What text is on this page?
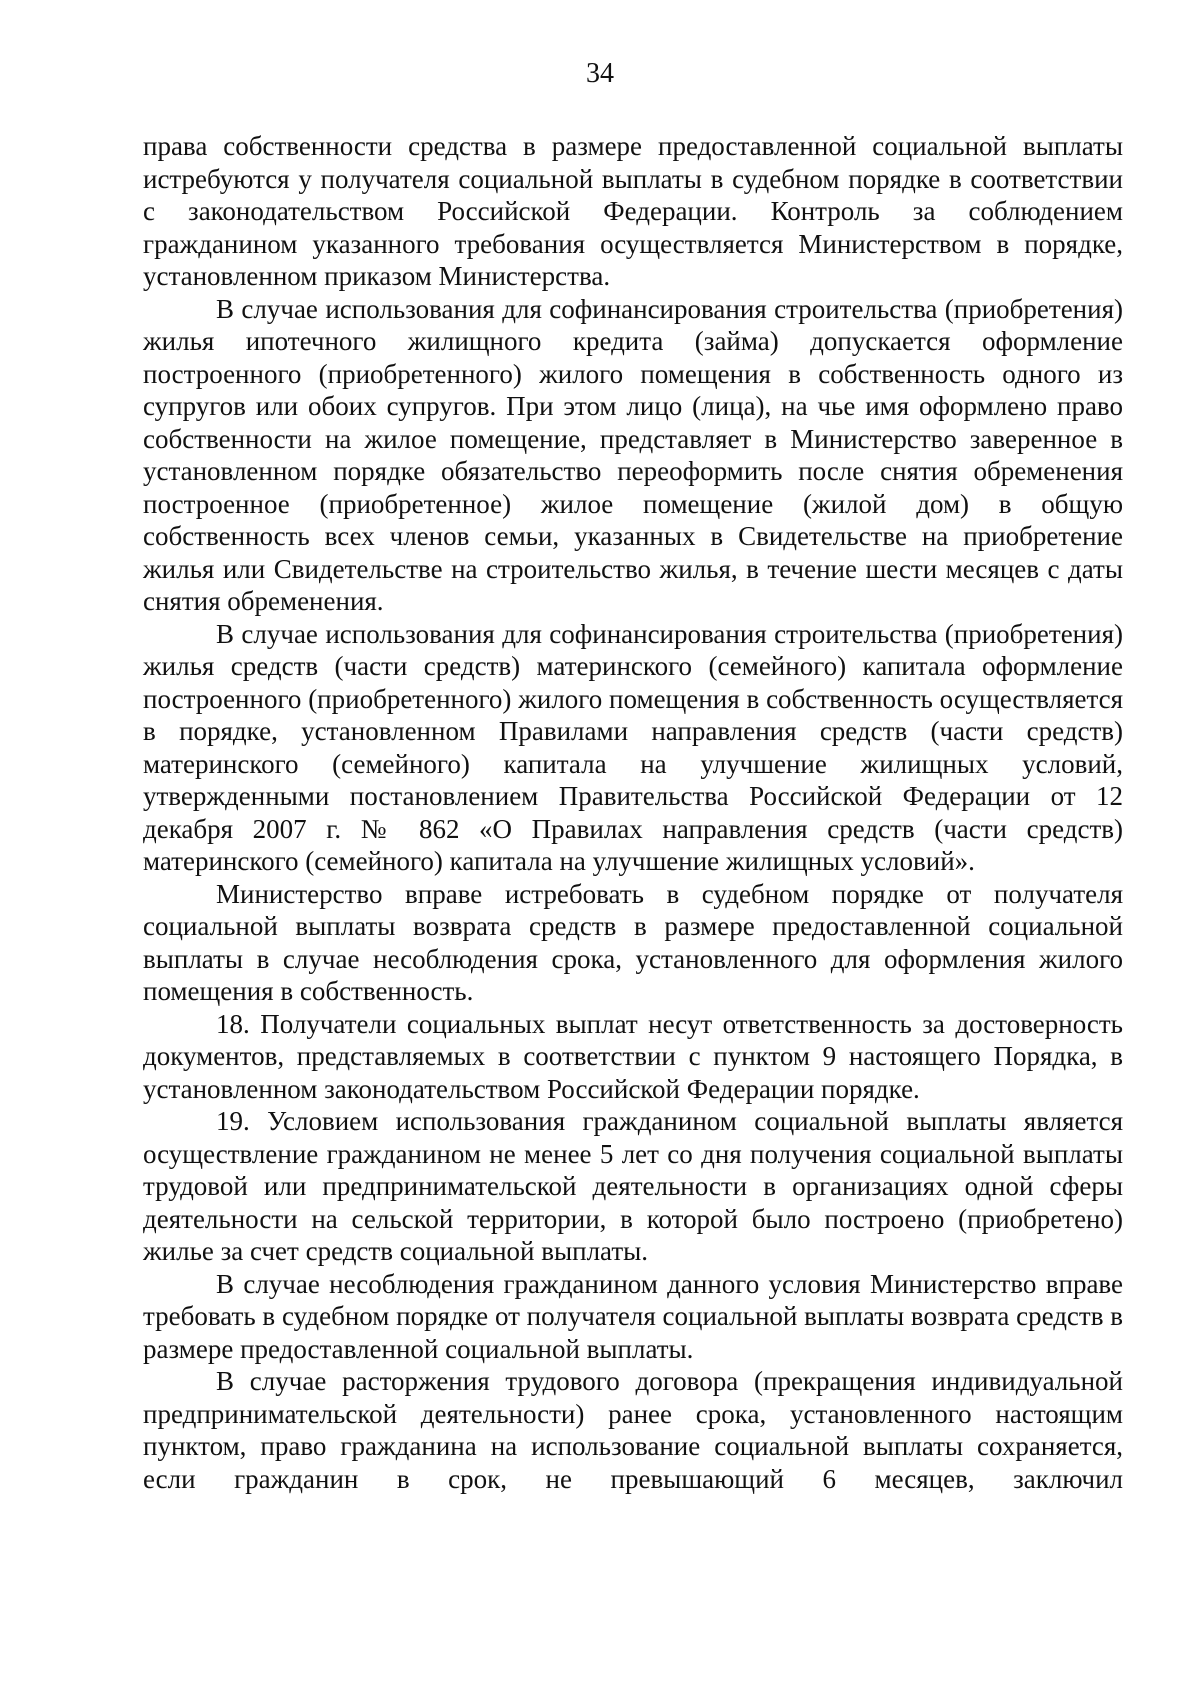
34

права собственности средства в размере предоставленной социальной выплаты истребуются у получателя социальной выплаты в судебном порядке в соответствии с законодательством Российской Федерации. Контроль за соблюдением гражданином указанного требования осуществляется Министерством в порядке, установленном приказом Министерства.

В случае использования для софинансирования строительства (приобретения) жилья ипотечного жилищного кредита (займа) допускается оформление построенного (приобретенного) жилого помещения в собственность одного из супругов или обоих супругов. При этом лицо (лица), на чье имя оформлено право собственности на жилое помещение, представляет в Министерство заверенное в установленном порядке обязательство переоформить после снятия обременения построенное (приобретенное) жилое помещение (жилой дом) в общую собственность всех членов семьи, указанных в Свидетельстве на приобретение жилья или Свидетельстве на строительство жилья, в течение шести месяцев с даты снятия обременения.

В случае использования для софинансирования строительства (приобретения) жилья средств (части средств) материнского (семейного) капитала оформление построенного (приобретенного) жилого помещения в собственность осуществляется в порядке, установленном Правилами направления средств (части средств) материнского (семейного) капитала на улучшение жилищных условий, утвержденными постановлением Правительства Российской Федерации от 12 декабря 2007 г. № 862 «О Правилах направления средств (части средств) материнского (семейного) капитала на улучшение жилищных условий».

Министерство вправе истребовать в судебном порядке от получателя социальной выплаты возврата средств в размере предоставленной социальной выплаты в случае несоблюдения срока, установленного для оформления жилого помещения в собственность.

18. Получатели социальных выплат несут ответственность за достоверность документов, представляемых в соответствии с пунктом 9 настоящего Порядка, в установленном законодательством Российской Федерации порядке.

19. Условием использования гражданином социальной выплаты является осуществление гражданином не менее 5 лет со дня получения социальной выплаты трудовой или предпринимательской деятельности в организациях одной сферы деятельности на сельской территории, в которой было построено (приобретено) жилье за счет средств социальной выплаты.

В случае несоблюдения гражданином данного условия Министерство вправе требовать в судебном порядке от получателя социальной выплаты возврата средств в размере предоставленной социальной выплаты.

В случае расторжения трудового договора (прекращения индивидуальной предпринимательской деятельности) ранее срока, установленного настоящим пунктом, право гражданина на использование социальной выплаты сохраняется, если гражданин в срок, не превышающий 6 месяцев, заключил
